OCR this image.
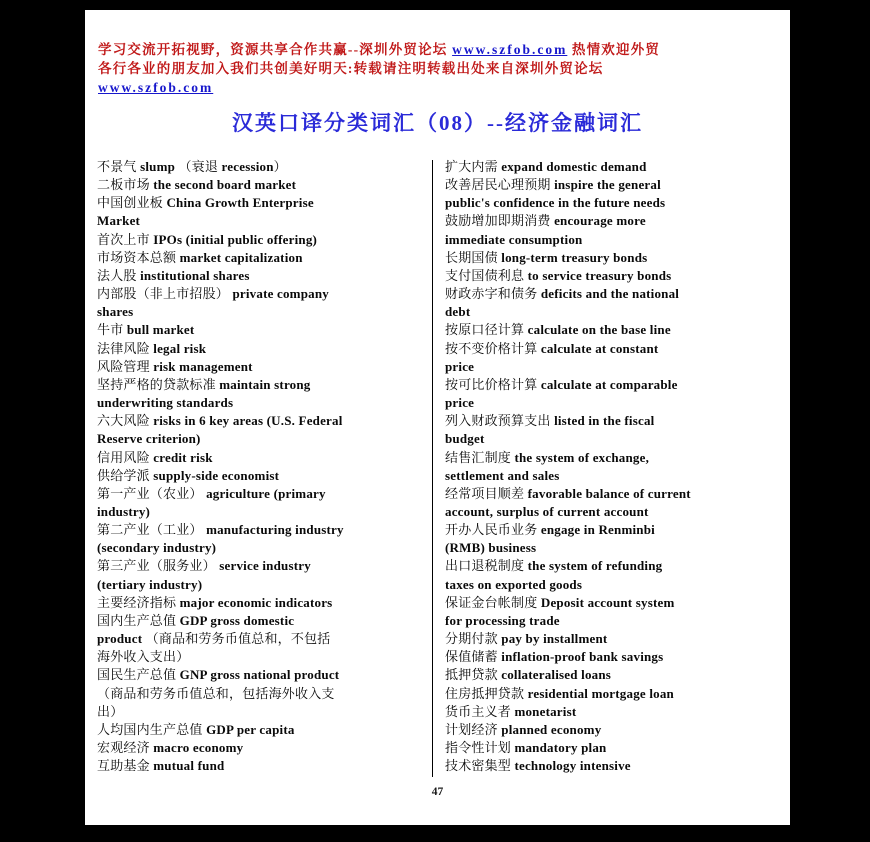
学习交流开拓视野，资源共享合作共赢--深圳外贸论坛 www.szfob.com 热情欢迎外贸
各行各业的朋友加入我们共创美好明天:转载请注明转载出处来自深圳外贸论坛
www.szfob.com
汉英口译分类词汇（08）--经济金融词汇
不景气 slump （衰退 recession）
二板市场 the second board market
中国创业板 China Growth Enterprise
Market
首次上市 IPOs (initial public offering)
市场资本总额 market capitalization
法人股 institutional shares
内部股（非上市招股） private company
shares
牛市 bull market
法律风险 legal risk
风险管理 risk management
坚持严格的贷款标准 maintain strong
underwriting standards
六大风险 risks in 6 key areas (U.S. Federal
Reserve criterion)
信用风险 credit risk
供给学派 supply-side economist
第一产业（农业） agriculture (primary
industry)
第二产业（工业） manufacturing industry
(secondary industry)
第三产业（服务业） service industry
(tertiary industry)
主要经济指标 major economic indicators
国内生产总值 GDP gross domestic
product （商品和劳务币值总和，不包括
海外收入支出）
国民生产总值 GNP gross national product
（商品和劳务币值总和，包括海外收入支
出）
人均国内生产总值 GDP per capita
宏观经济 macro economy
互助基金 mutual fund
扩大内需 expand domestic demand
改善居民心理预期 inspire the general
public's confidence in the future needs
鼓励增加即期消费 encourage more
immediate consumption
长期国债 long-term treasury bonds
支付国债利息 to service treasury bonds
财政赤字和债务 deficits and the national
debt
按原口径计算 calculate on the base line
按不变价格计算 calculate at constant
price
按可比价格计算 calculate at comparable
price
列入财政预算支出 listed in the fiscal
budget
结售汇制度 the system of exchange,
settlement and sales
经常项目顺差 favorable balance of current
account, surplus of current account
开办人民币业务 engage in Renminbi
(RMB) business
出口退税制度 the system of refunding
taxes on exported goods
保证金台帐制度 Deposit account system
for processing trade
分期付款 pay by installment
保值储蓄 inflation-proof bank savings
抵押贷款 collateralised loans
住房抵押贷款 residential mortgage loan
货币主义者 monetarist
计划经济 planned economy
指令性计划 mandatory plan
技术密集型 technology intensive
47
